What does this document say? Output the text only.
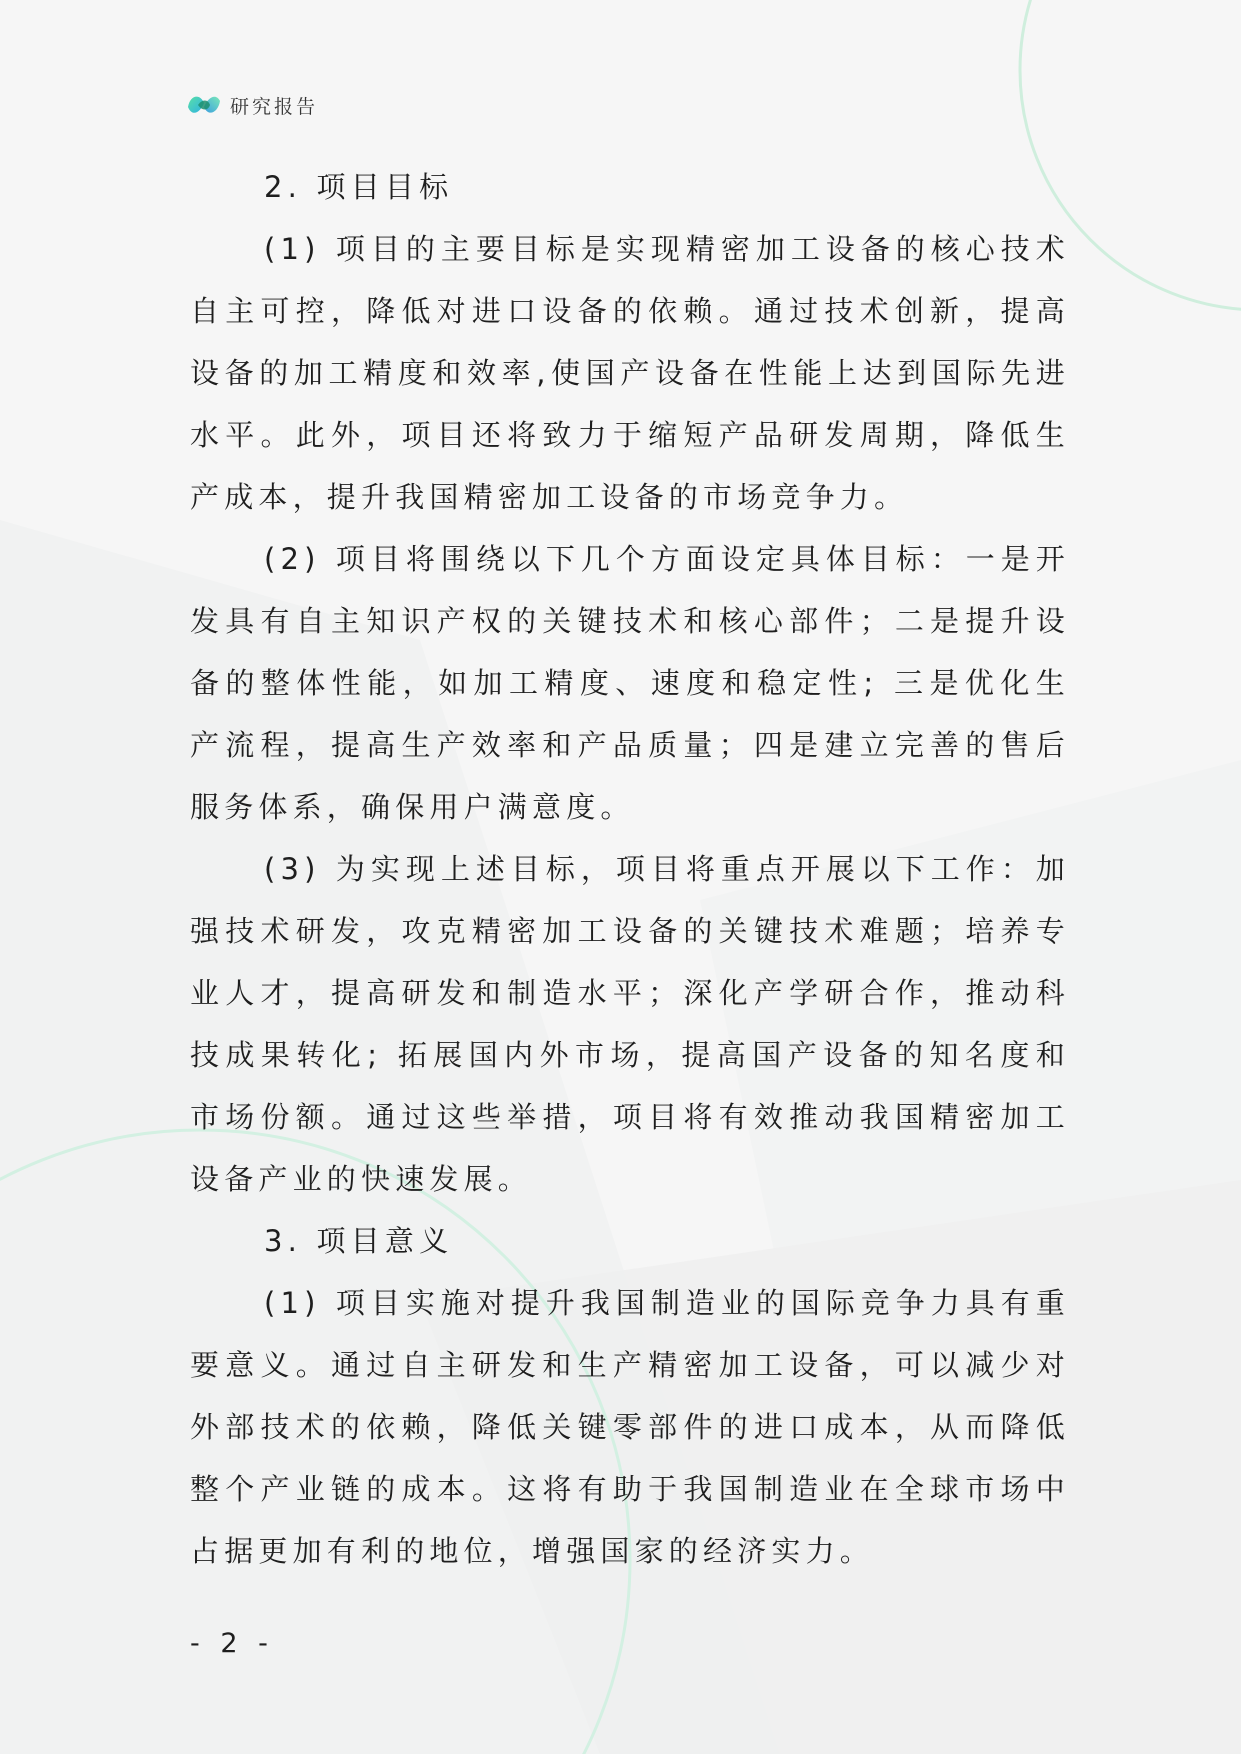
研究报告

2. 项目目标

(1) 项目的主要目标是实现精密加工设备的核心技术自主可控，降低对进口设备的依赖。通过技术创新，提高设备的加工精度和效率,使国产设备在性能上达到国际先进水平。此外，项目还将致力于缩短产品研发周期，降低生产成本，提升我国精密加工设备的市场竞争力。

(2) 项目将围绕以下几个方面设定具体目标：一是开发具有自主知识产权的关键技术和核心部件；二是提升设备的整体性能，如加工精度、速度和稳定性; 三是优化生产流程，提高生产效率和产品质量；四是建立完善的售后服务体系，确保用户满意度。

(3) 为实现上述目标，项目将重点开展以下工作：加强技术研发，攻克精密加工设备的关键技术难题；培养专业人才，提高研发和制造水平；深化产学研合作，推动科技成果转化; 拓展国内外市场，提高国产设备的知名度和市场份额。通过这些举措，项目将有效推动我国精密加工设备产业的快速发展。

3. 项目意义

(1) 项目实施对提升我国制造业的国际竞争力具有重要意义。通过自主研发和生产精密加工设备，可以减少对外部技术的依赖，降低关键零部件的进口成本，从而降低整个产业链的成本。这将有助于我国制造业在全球市场中占据更加有利的地位，增强国家的经济实力。

- 2 -
